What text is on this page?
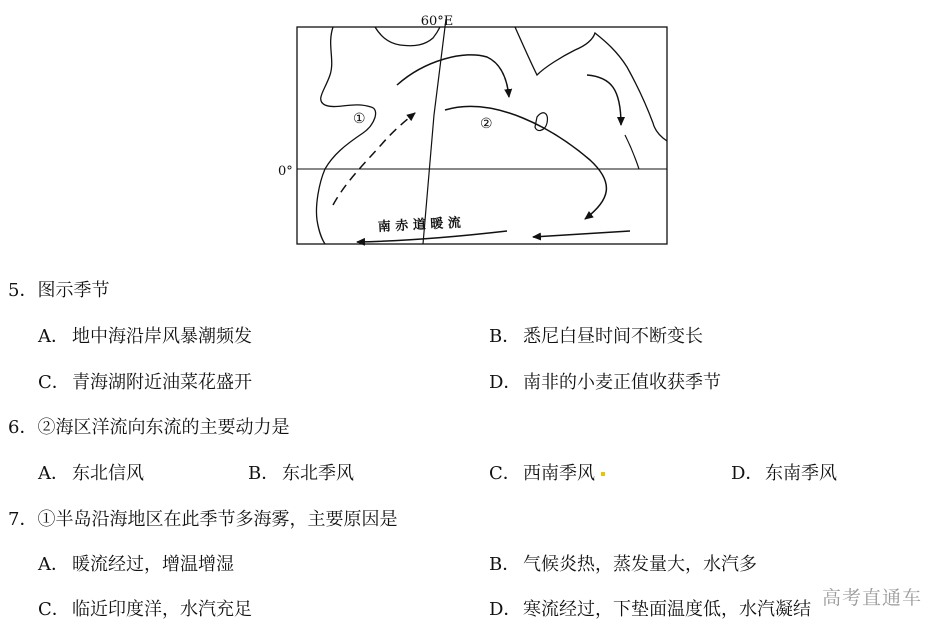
60°E
0°
①	②
南 赤 道 暖 流
5．图示季节
A． 地中海沿岸风暴潮频发	B． 悉尼白昼时间不断变长
C． 青海湖附近油菜花盛开	D．南非的小麦正值收获季节
6．②海区洋流向东流的主要动力是
A． 东北信风	B． 东北季风	C． 西南季风	D．东南季风
7．①半岛沿海地区在此季节多海雾，主要原因是
A． 暖流经过，增温增湿	B． 气候炎热，蒸发量大，水汽多
C． 临近印度洋，水汽充足	D．寒流经过，下垫面温度低，水汽凝结
高考直通车
